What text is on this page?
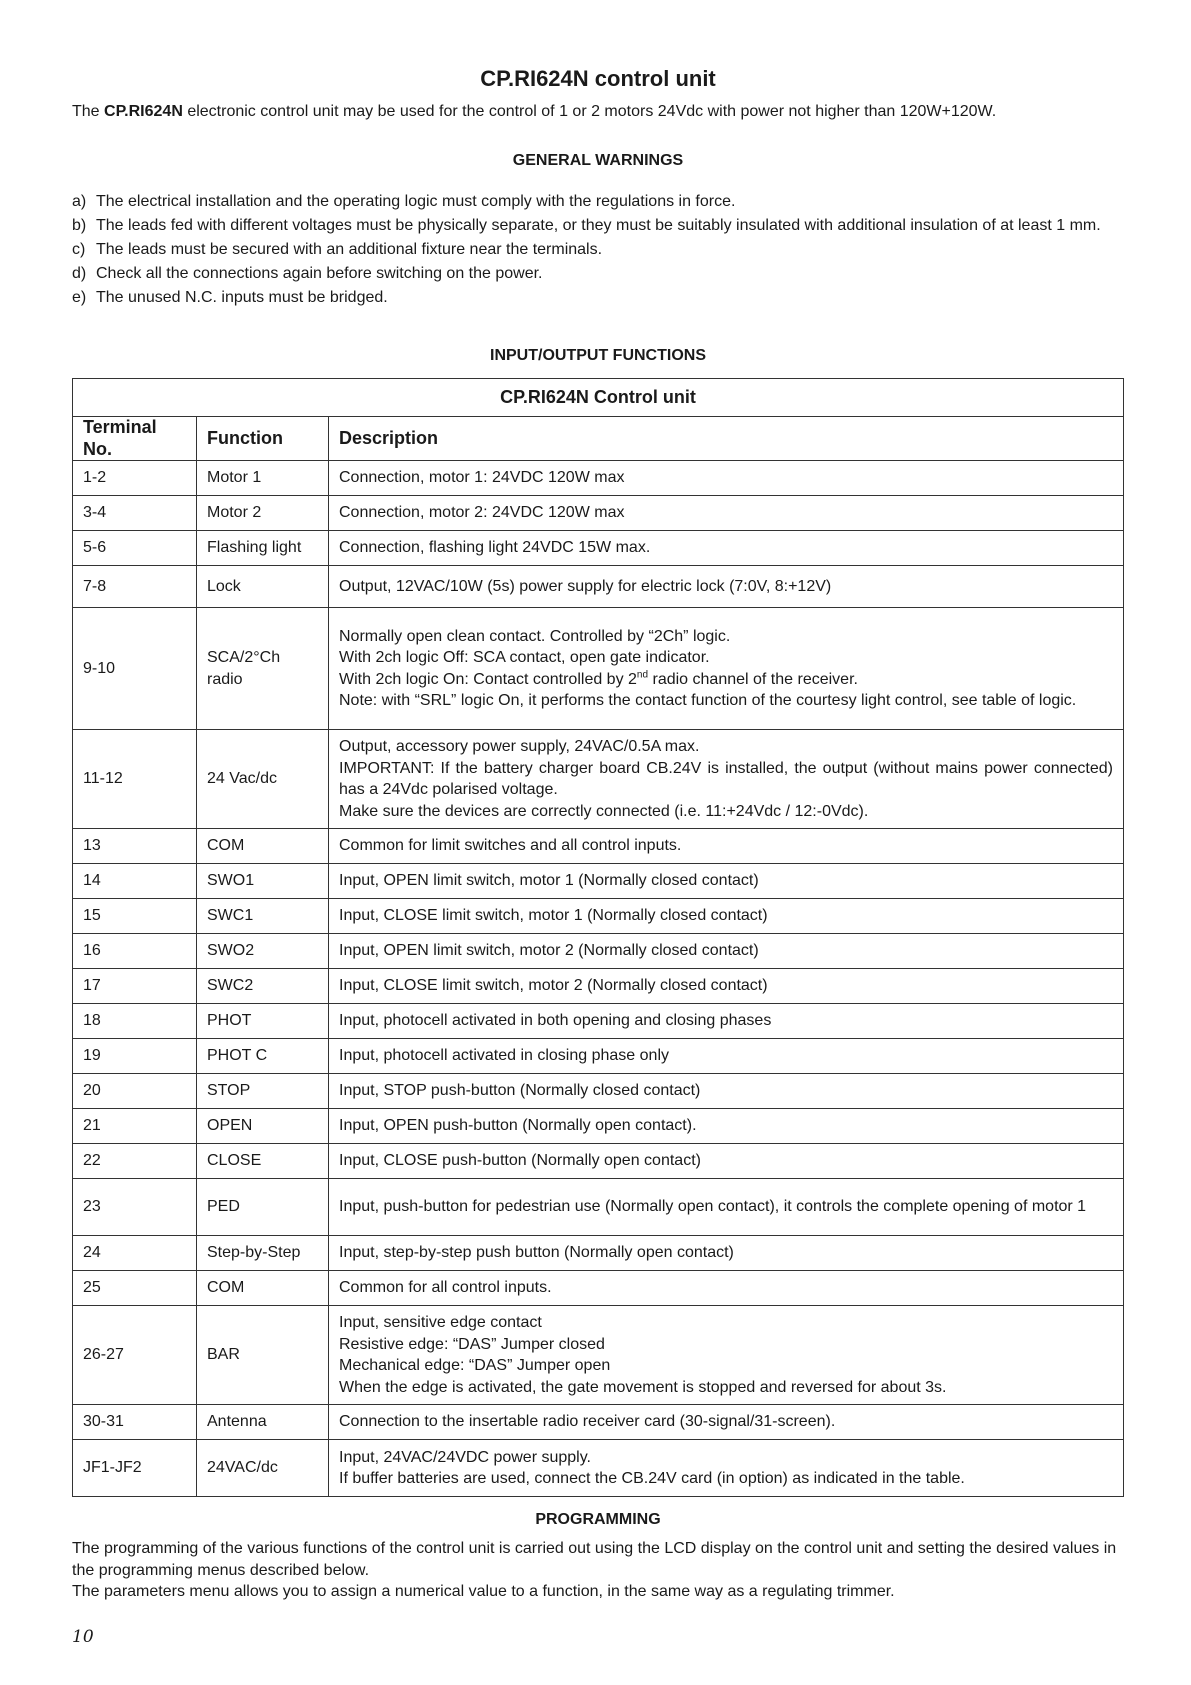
CP.RI624N control unit

The CP.RI624N electronic control unit may be used for the control of 1 or 2 motors 24Vdc with power not higher than 120W+120W.

GENERAL WARNINGS
a) The electrical installation and the operating logic must comply with the regulations in force.
b) The leads fed with different voltages must be physically separate, or they must be suitably insulated with additional insulation of at least 1 mm.
c) The leads must be secured with an additional fixture near the terminals.
d) Check all the connections again before switching on the power.
e) The unused N.C. inputs must be bridged.
INPUT/OUTPUT FUNCTIONS
CP.RI624N Control unit		
Terminal No.	Function	Description
1-2	Motor 1	Connection, motor 1: 24VDC 120W max

3-4	Motor 2	Connection, motor 2: 24VDC 120W max

5-6	Flashing light	Connection, flashing light 24VDC 15W max.

7-8	Lock	Output, 12VAC/10W (5s) power supply for electric lock (7:0V, 8:+12V)

9-10	SCA/2°Ch radio	Normally open clean contact. Controlled by “2Ch” logic.
With 2ch logic Off: SCA contact, open gate indicator.
With 2ch logic On: Contact controlled by 2nd radio channel of the receiver.
Note: with “SRL” logic On, it performs the contact function of the courtesy light control, see table of logic.

11-12	24 Vac/dc	Output, accessory power supply, 24VAC/0.5A max.
IMPORTANT: If the battery charger board CB.24V is installed, the output (without mains power connected) has a 24Vdc polarised voltage.
Make sure the devices are correctly connected (i.e. 11:+24Vdc / 12:-0Vdc).

13	COM	Common for limit switches and all control inputs.

14	SWO1	Input, OPEN limit switch, motor 1 (Normally closed contact)

15	SWC1	Input, CLOSE limit switch, motor 1 (Normally closed contact)

16	SWO2	Input, OPEN limit switch, motor 2 (Normally closed contact)

17	SWC2	Input, CLOSE limit switch, motor 2 (Normally closed contact)

18	PHOT	Input, photocell activated in both opening and closing phases

19	PHOT C	Input, photocell activated in closing phase only

20	STOP	Input, STOP push-button (Normally closed contact)

21	OPEN	Input, OPEN push-button (Normally open contact).

22	CLOSE	Input, CLOSE push-button (Normally open contact)

23	PED	Input, push-button for pedestrian use (Normally open contact), it controls the complete opening of motor 1

24	Step-by-Step	Input, step-by-step push button (Normally open contact)

25	COM	Common for all control inputs.

26-27	BAR	Input, sensitive edge contact
Resistive edge: “DAS” Jumper closed
Mechanical edge: “DAS” Jumper open
When the edge is activated, the gate movement is stopped and reversed for about 3s.

30-31	Antenna	Connection to the insertable radio receiver card (30-signal/31-screen).

JF1-JF2	24VAC/dc	Input, 24VAC/24VDC power supply.
If buffer batteries are used, connect the CB.24V card (in option) as indicated in the table.
PROGRAMMING

The programming of the various functions of the control unit is carried out using the LCD display on the control unit and setting the desired values in the programming menus described below.

The parameters menu allows you to assign a numerical value to a function, in the same way as a regulating trimmer.

10
